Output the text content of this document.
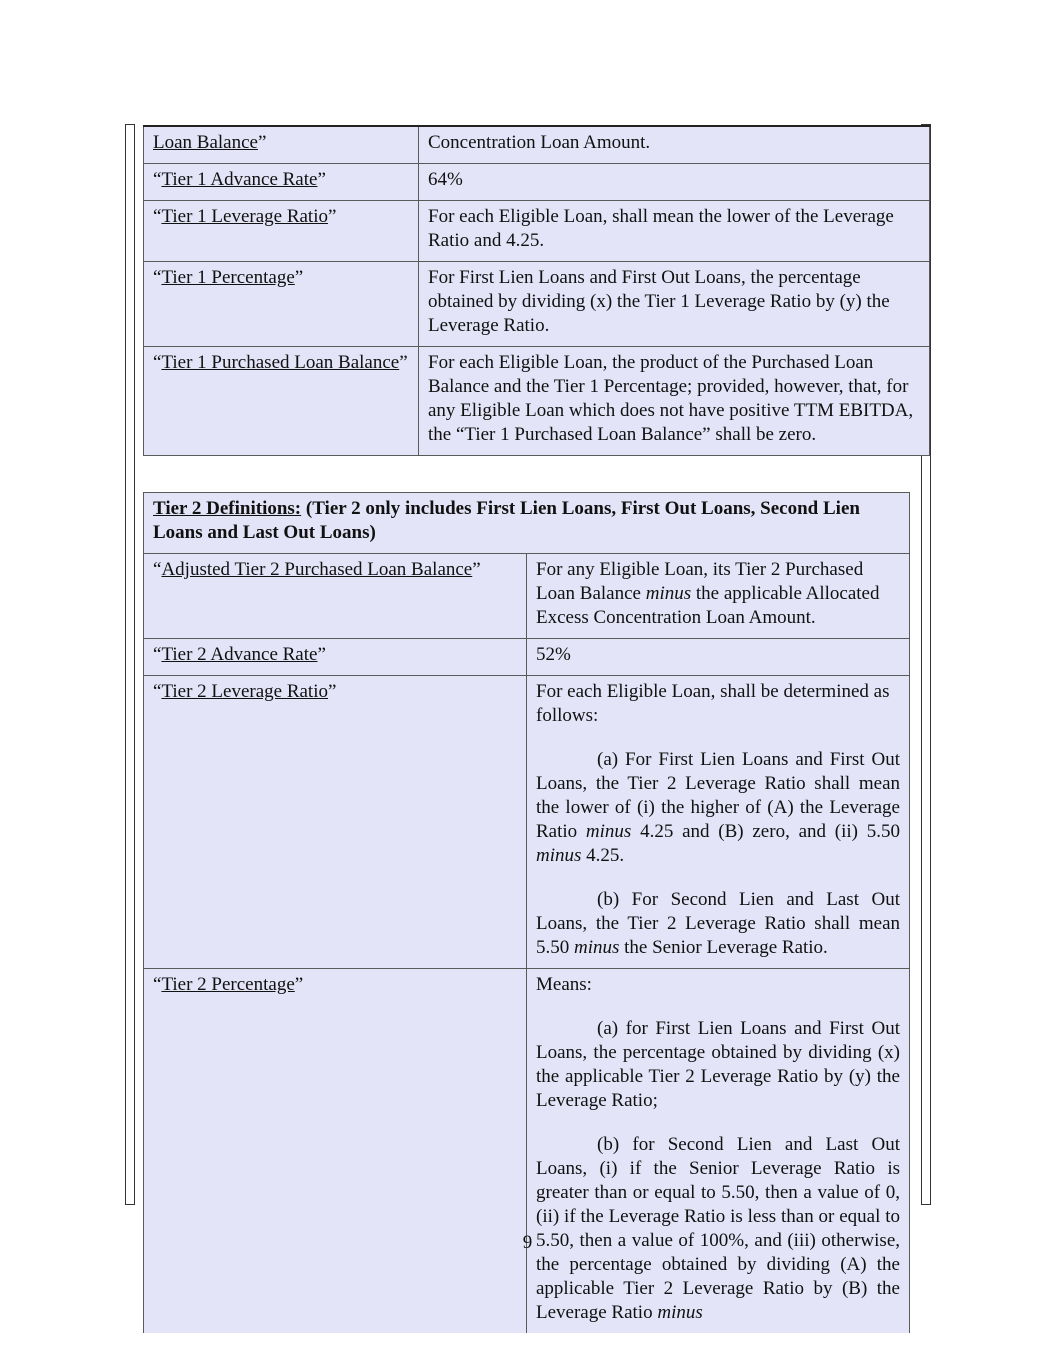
Loan Balance”	Concentration Loan Amount.
“Tier 1 Advance Rate”	64%
“Tier 1 Leverage Ratio”	For each Eligible Loan, shall mean the lower of the Leverage Ratio and 4.25.
“Tier 1 Percentage”	For First Lien Loans and First Out Loans, the percentage obtained by dividing (x) the Tier 1 Leverage Ratio by (y) the Leverage Ratio.
“Tier 1 Purchased Loan Balance”	For each Eligible Loan, the product of the Purchased Loan Balance and the Tier 1 Percentage; provided, however, that, for any Eligible Loan which does not have positive TTM EBITDA, the “Tier 1 Purchased Loan Balance” shall be zero.
Tier 2 Definitions: (Tier 2 only includes First Lien Loans, First Out Loans, Second Lien Loans and Last Out Loans)	
“Adjusted Tier 2 Purchased Loan Balance”	For any Eligible Loan, its Tier 2 Purchased Loan Balance minus the applicable Allocated Excess Concentration Loan Amount.
“Tier 2 Advance Rate”	52%
“Tier 2 Leverage Ratio”	For each Eligible Loan, shall be determined as follows:
(a) For First Lien Loans and First Out Loans, the Tier 2 Leverage Ratio shall mean the lower of (i) the higher of (A) the Leverage Ratio minus 4.25 and (B) zero, and (ii) 5.50 minus 4.25.
(b) For Second Lien and Last Out Loans, the Tier 2 Leverage Ratio shall mean 5.50 minus the Senior Leverage Ratio.

“Tier 2 Percentage”	Means:
(a) for First Lien Loans and First Out Loans, the percentage obtained by dividing (x) the applicable Tier 2 Leverage Ratio by (y) the Leverage Ratio;
(b) for Second Lien and Last Out Loans, (i) if the Senior Leverage Ratio is greater than or equal to 5.50, then a value of 0, (ii) if the Leverage Ratio is less than or equal to 5.50, then a value of 100%, and (iii) otherwise, the percentage obtained by dividing (A) the applicable Tier 2 Leverage Ratio by (B) the Leverage Ratio minus
9
